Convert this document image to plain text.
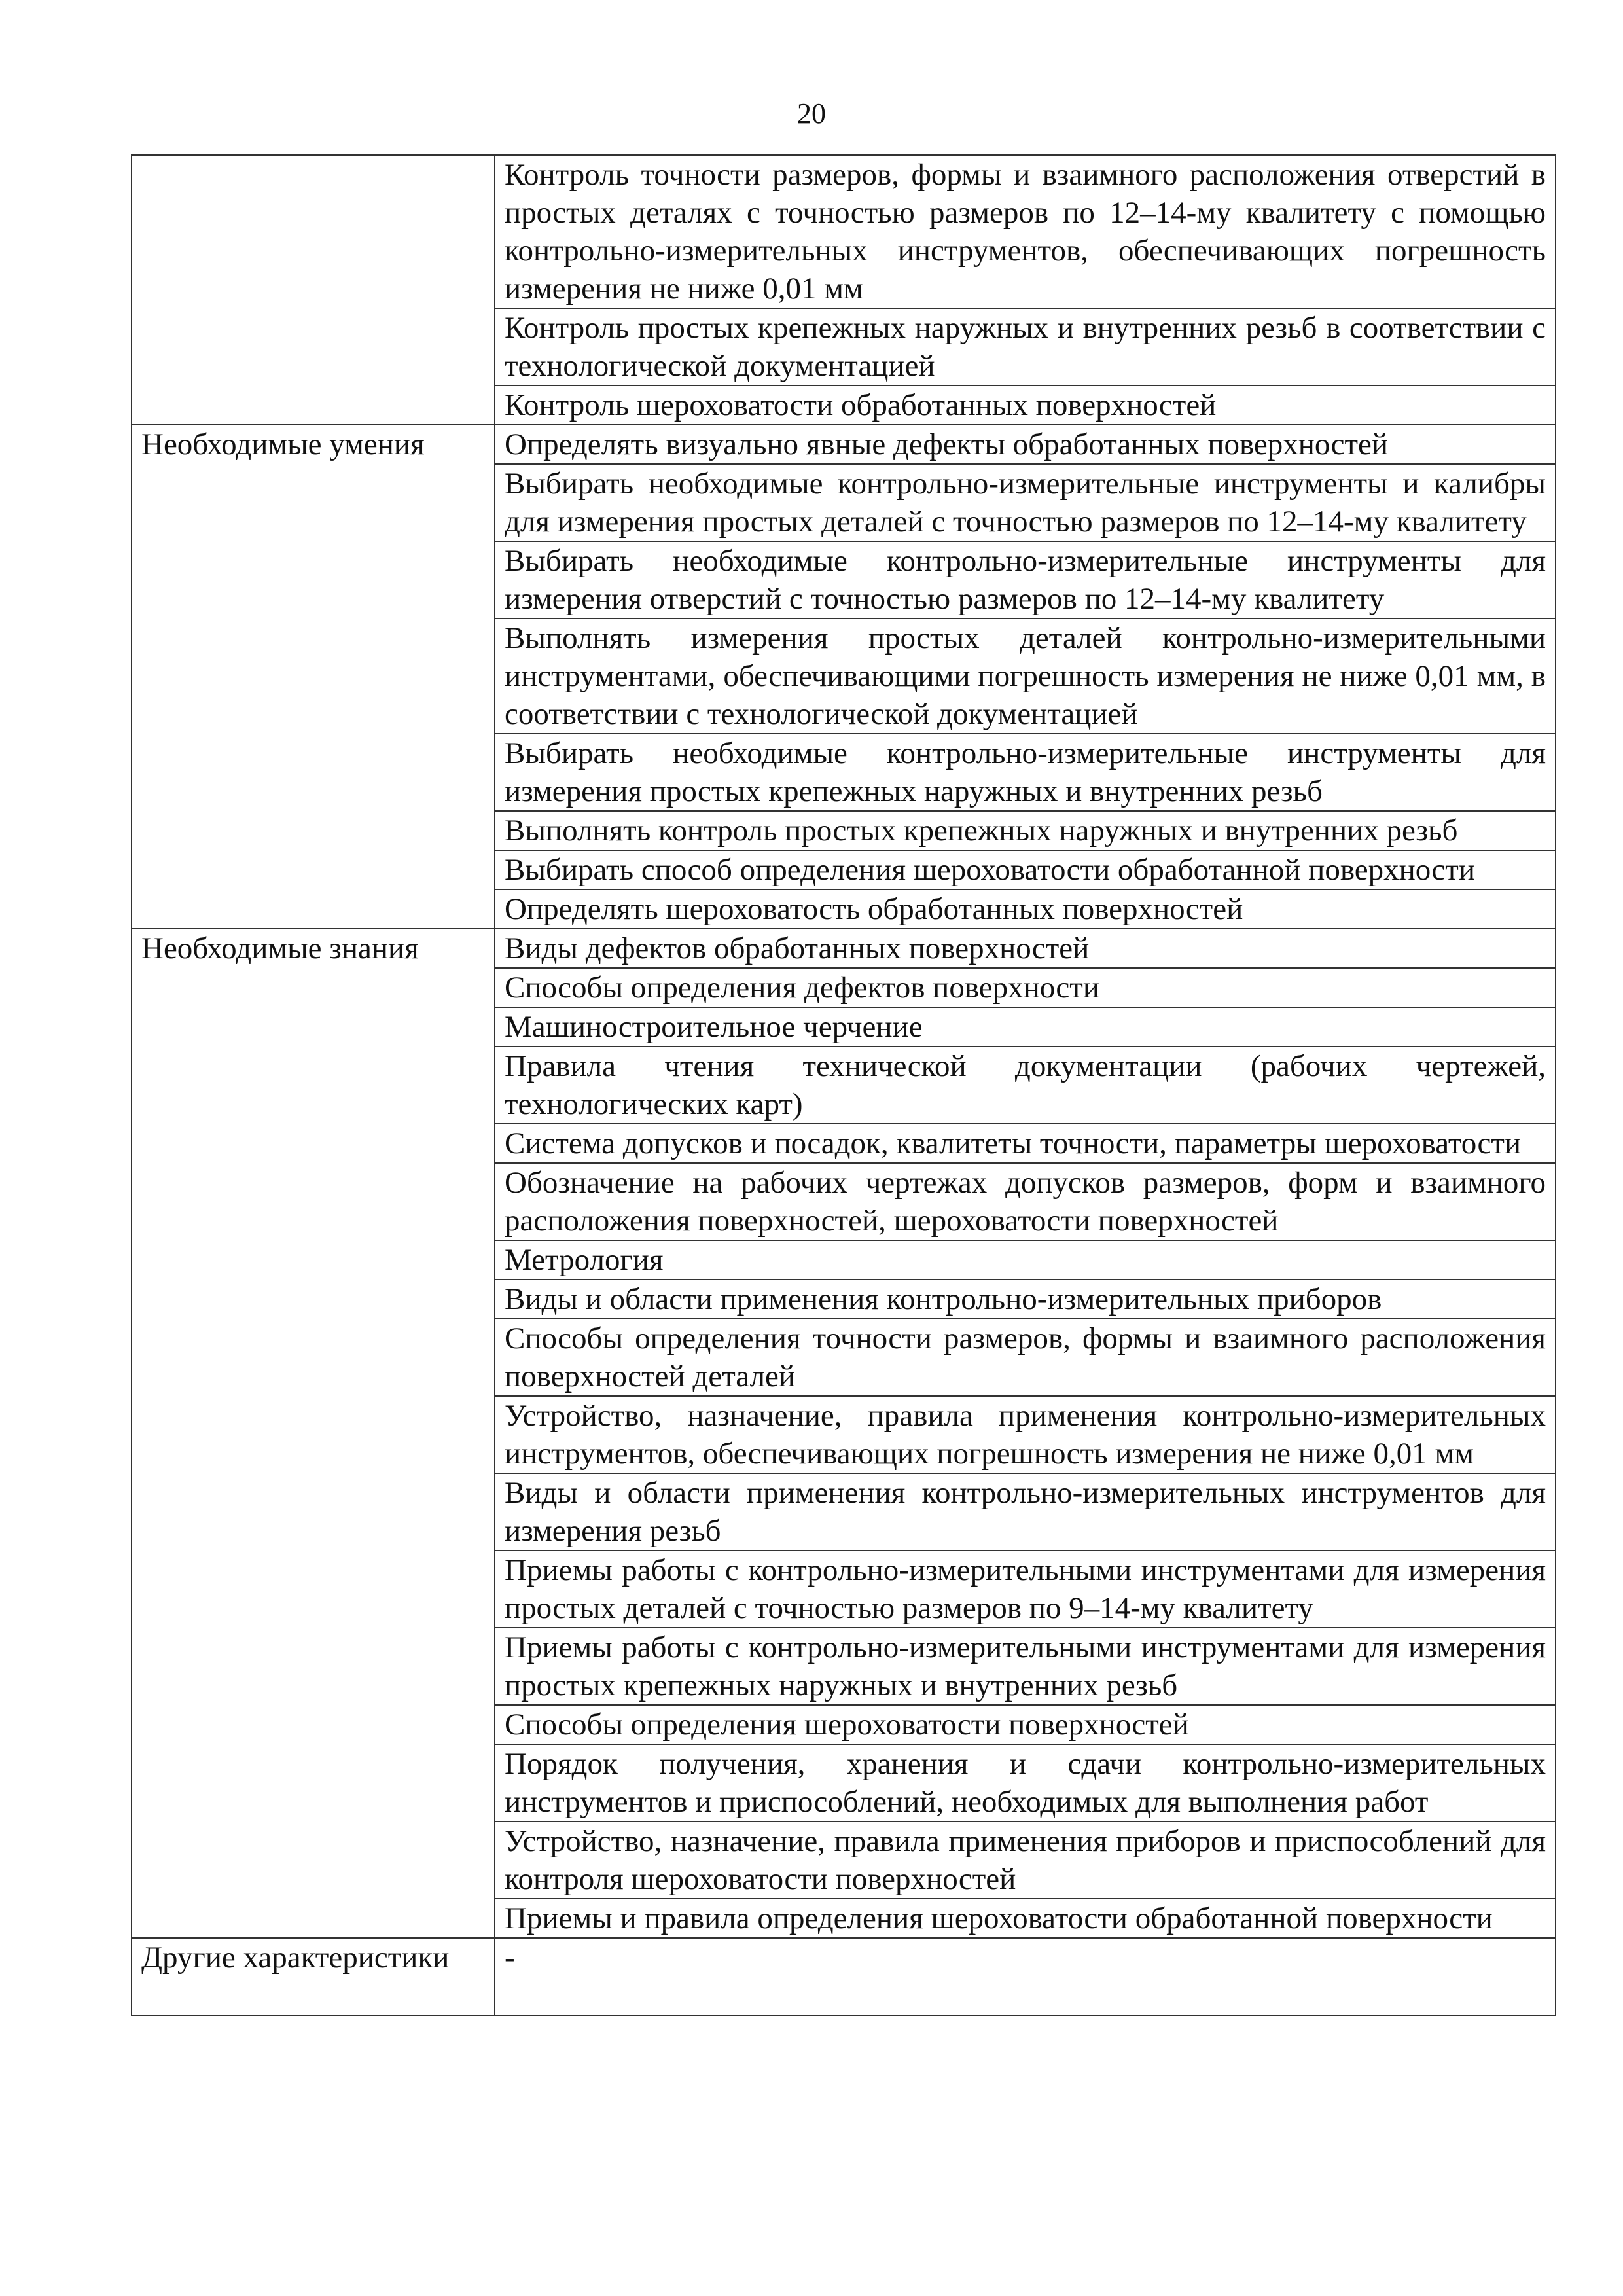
20
	Контроль точности размеров, формы и взаимного расположения отверстий в простых деталях с точностью размеров по 12–14-му квалитету с помощью контрольно-измерительных инструментов, обеспечивающих погрешность измерения не ниже 0,01 мм
	Контроль простых крепежных наружных и внутренних резьб в соответствии с технологической документацией
	Контроль шероховатости обработанных поверхностей
Необходимые умения	Определять визуально явные дефекты обработанных поверхностей
	Выбирать необходимые контрольно-измерительные инструменты и калибры для измерения простых деталей с точностью размеров по 12–14-му квалитету
	Выбирать необходимые контрольно-измерительные инструменты для измерения отверстий с точностью размеров по 12–14-му квалитету
	Выполнять измерения простых деталей контрольно-измерительными инструментами, обеспечивающими погрешность измерения не ниже 0,01 мм, в соответствии с технологической документацией
	Выбирать необходимые контрольно-измерительные инструменты для измерения простых крепежных наружных и внутренних резьб
	Выполнять контроль простых крепежных наружных и внутренних резьб
	Выбирать способ определения шероховатости обработанной поверхности
	Определять шероховатость обработанных поверхностей
Необходимые знания	Виды дефектов обработанных поверхностей
	Способы определения дефектов поверхности
	Машиностроительное черчение
	Правила чтения технической документации (рабочих чертежей, технологических карт)
	Система допусков и посадок, квалитеты точности, параметры шероховатости
	Обозначение на рабочих чертежах допусков размеров, форм и взаимного расположения поверхностей, шероховатости поверхностей
	Метрология
	Виды и области применения контрольно-измерительных приборов
	Способы определения точности размеров, формы и взаимного расположения поверхностей деталей
	Устройство, назначение, правила применения контрольно-измерительных инструментов, обеспечивающих погрешность измерения не ниже 0,01 мм
	Виды и области применения контрольно-измерительных инструментов для измерения резьб
	Приемы работы с контрольно-измерительными инструментами для измерения простых деталей с точностью размеров по 9–14-му квалитету
	Приемы работы с контрольно-измерительными инструментами для измерения простых крепежных наружных и внутренних резьб
	Способы определения шероховатости поверхностей
	Порядок получения, хранения и сдачи контрольно-измерительных инструментов и приспособлений, необходимых для выполнения работ
	Устройство, назначение, правила применения приборов и приспособлений для контроля шероховатости поверхностей
	Приемы и правила определения шероховатости обработанной поверхности
Другие характеристики	-
